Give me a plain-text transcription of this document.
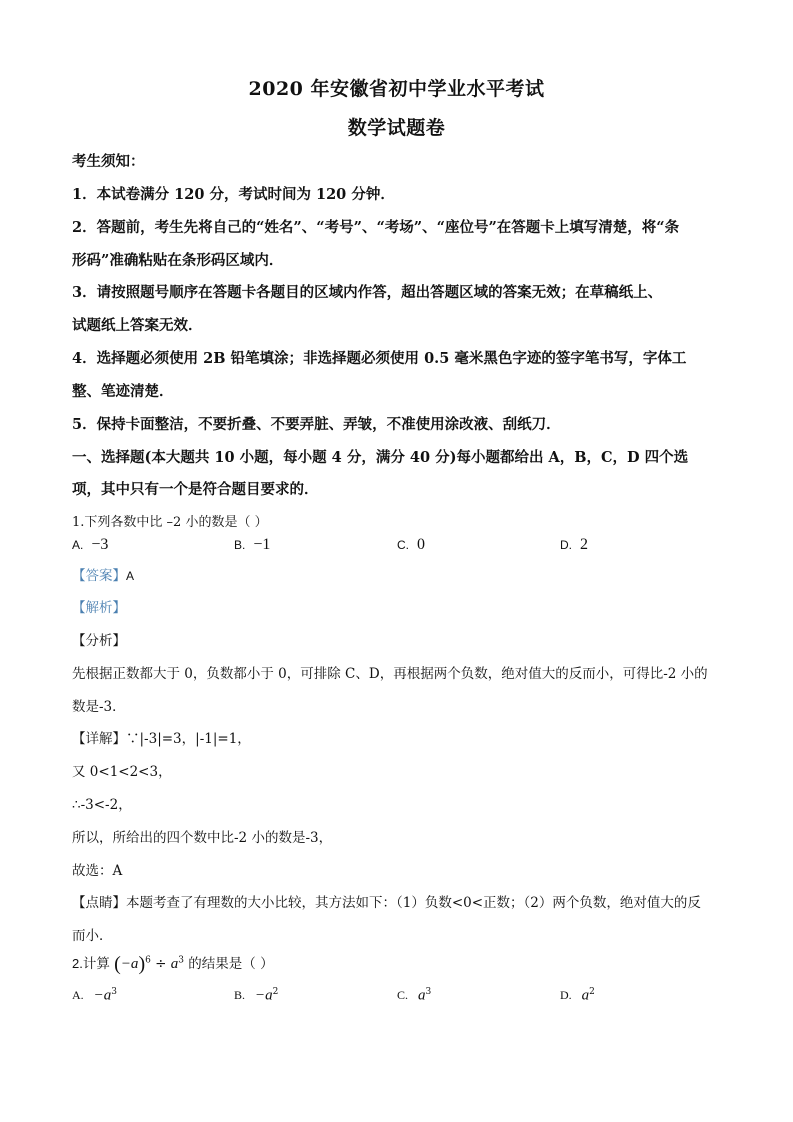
2020 年安徽省初中学业水平考试
数学试题卷
考生须知：
1．本试卷满分 120 分，考试时间为 120 分钟．
2．答题前，考生先将自己的“姓名”、“考号”、“考场”、“座位号”在答题卡上填写清楚，将“条
形码”准确粘贴在条形码区域内．
3．请按照题号顺序在答题卡各题目的区域内作答，超出答题区域的答案无效；在草稿纸上、
试题纸上答案无效．
4．选择题必须使用 2B 铅笔填涂；非选择题必须使用 0.5 毫米黑色字迹的签字笔书写，字体工
整、笔迹清楚．
5．保持卡面整洁，不要折叠、不要弄脏、弄皱，不准使用涂改液、刮纸刀．
一、选择题(本大题共 10 小题，每小题 4 分，满分 40 分)每小题都给出 A，B，C，D 四个选
项，其中只有一个是符合题目要求的．
1.下列各数中比 –2 小的数是（ ）
A. −3	B. −1	C. 0	D. 2
【答案】A
【解析】
【分析】
先根据正数都大于 0，负数都小于 0，可排除 C、D，再根据两个负数，绝对值大的反而小，可得比-2 小的
数是-3．
【详解】∵|-3|=3，|-1|=1，
又 0<1<2<3，
∴-3<-2，
所以，所给出的四个数中比-2 小的数是-3，
故选：A
【点睛】本题考查了有理数的大小比较，其方法如下：（1）负数<0<正数；（2）两个负数，绝对值大的反
而小．
2.计算 $(-a)^6 \div a^3$ 的结果是（ ）
A. $-a^3$	B. $-a^2$	C. $a^3$	D. $a^2$
